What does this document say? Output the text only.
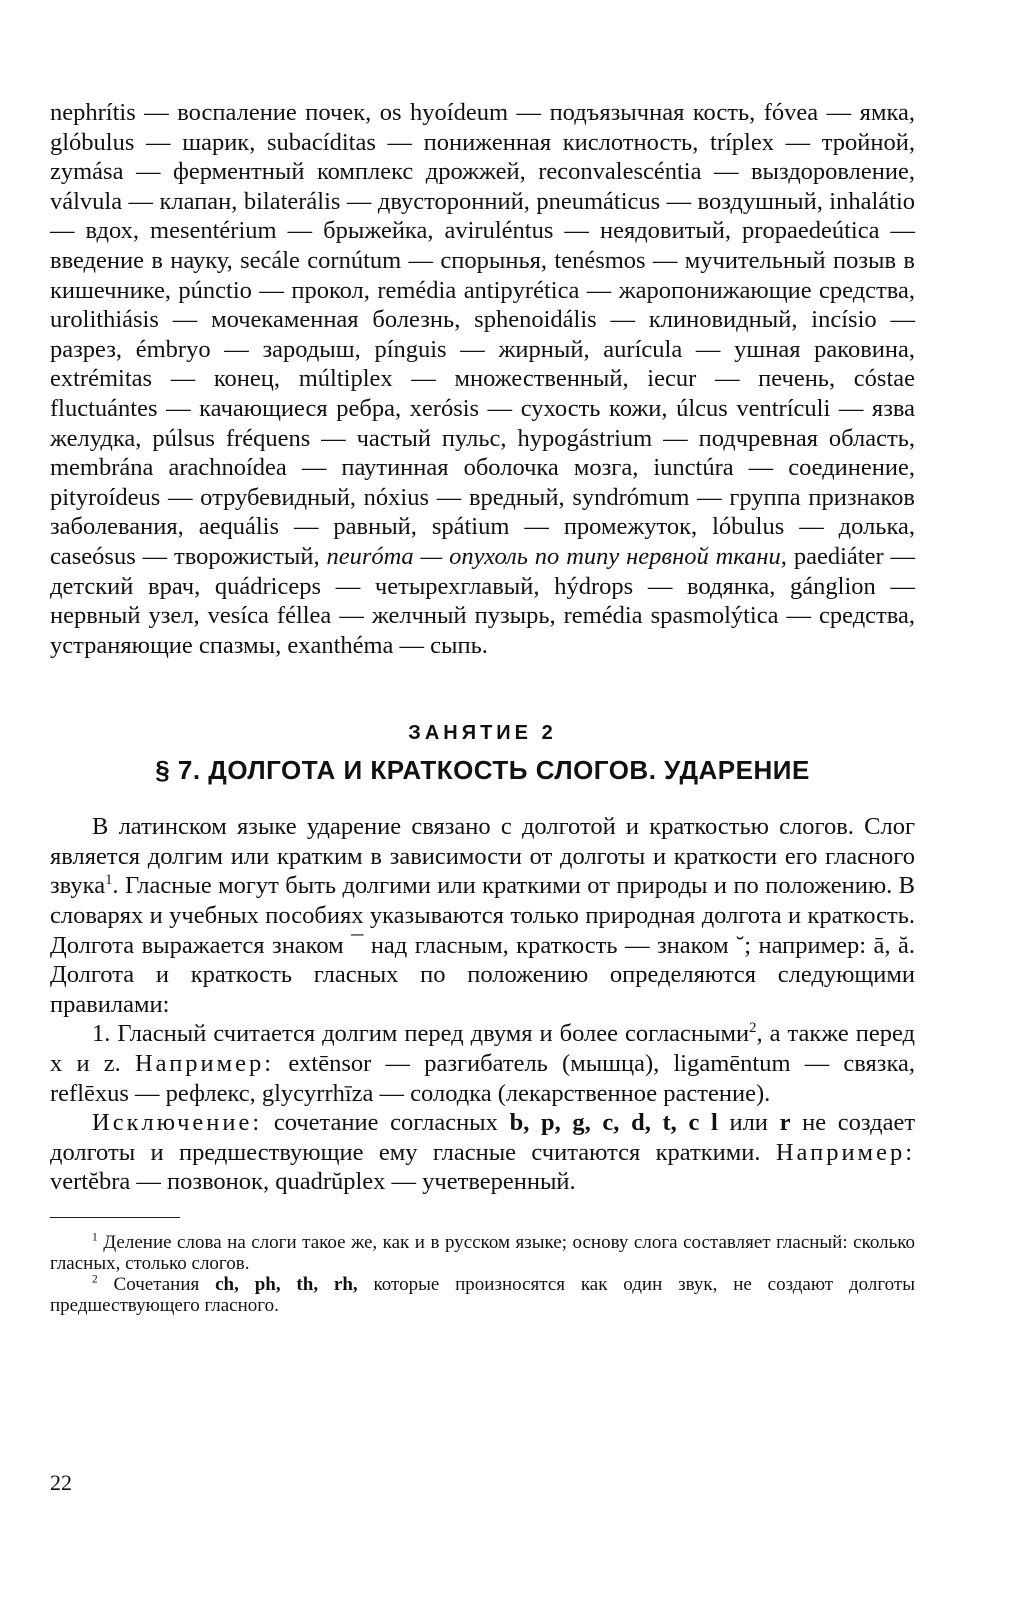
nephrítis — воспаление почек, os hyoídeum — подъязычная кость, fóvea — ямка, glóbulus — шарик, subacíditas — пониженная кислотность, tríplex — тройной, zymása — ферментный комплекс дрожжей, reconvalescéntia — выздоровление, válvula — клапан, bilaterális — двусторонний, pneumáticus — воздушный, inhalátio — вдох, mesentérium — брыжейка, aviruléntus — неядовитый, propaedeútica — введение в науку, secále cornútum — спорынья, tenésmos — мучительный позыв в кишечнике, púnctio — прокол, remédia antipyrética — жаропонижающие средства, urolithiásis — мочекаменная болезнь, sphenoidális — клиновидный, incísio — разрез, émbryo — зародыш, pínguis — жирный, aurícula — ушная раковина, extrémitas — конец, múltiplex — множественный, iecur — печень, cóstae fluctuántes — качающиеся ребра, xerósis — сухость кожи, úlcus ventrículi — язва желудка, púlsus fréquens — частый пульс, hypogástrium — подчревная область, membrána arachnoídea — паутинная оболочка мозга, iunctúra — соединение, pityroídeus — отрубевидный, nóxius — вредный, syndrómum — группа признаков заболевания, aequális — равный, spátium — промежуток, lóbulus — долька, caseósus — творожистый, neuróma — опухоль по типу нервной ткани, paediáter — детский врач, quádriceps — четырехглавый, hýdrops — водянка, gánglion — нервный узел, vesíca féllea — желчный пузырь, remédia spasmolýtica — средства, устраняющие спазмы, exanthéma — сыпь.

ЗАНЯТИЕ 2
§ 7. ДОЛГОТА И КРАТКОСТЬ СЛОГОВ. УДАРЕНИЕ

В латинском языке ударение связано с долготой и краткостью слогов. Слог является долгим или кратким в зависимости от долготы и краткости его гласного звука$^1$. Гласные могут быть долгими или краткими от природы и по положению. В словарях и учебных пособиях указываются только природная долгота и краткость. Долгота выражается знаком ¯ над гласным, краткость — знаком ˘; например: ā, ă. Долгота и краткость гласных по положению определяются следующими правилами:

1. Гласный считается долгим перед двумя и более согласными$^2$, а также перед x и z. Например: extēnsor — разгибатель (мышца), ligamēntum — связка, reflēxus — рефлекс, glycyrrhīza — солодка (лекарственное растение).

Исключение: сочетание согласных b, p, g, c, d, t, с l или r не создает долготы и предшествующие ему гласные считаются краткими. Например: vertĕbra — позвонок, quadrŭplex — учетверенный.

$^1$ Деление слова на слоги такое же, как и в русском языке; основу слога составляет гласный: сколько гласных, столько слогов.

$^2$ Сочетания ch, ph, th, rh, которые произносятся как один звук, не создают долготы предшествующего гласного.

22
